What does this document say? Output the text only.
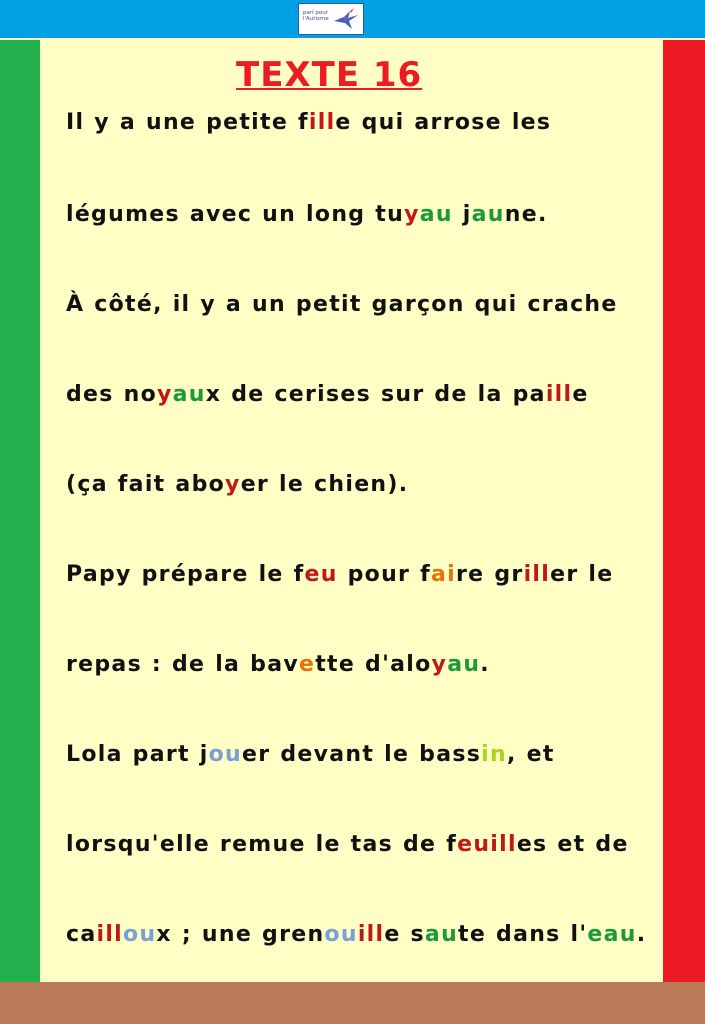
parl pour
l'Autisme
TEXTE 16
Il y a une petite fille qui arrose les
légumes avec un long tuyau jaune.
À côté, il y a un petit garçon qui crache
des noyaux de cerises sur de la paille
(ça fait aboyer le chien).
Papy prépare le feu pour faire griller le
repas : de la bavette d'aloyau.
Lola part jouer devant le bassin, et
lorsqu'elle remue le tas de feuilles et de
cailloux ; une grenouille saute dans l'eau.
